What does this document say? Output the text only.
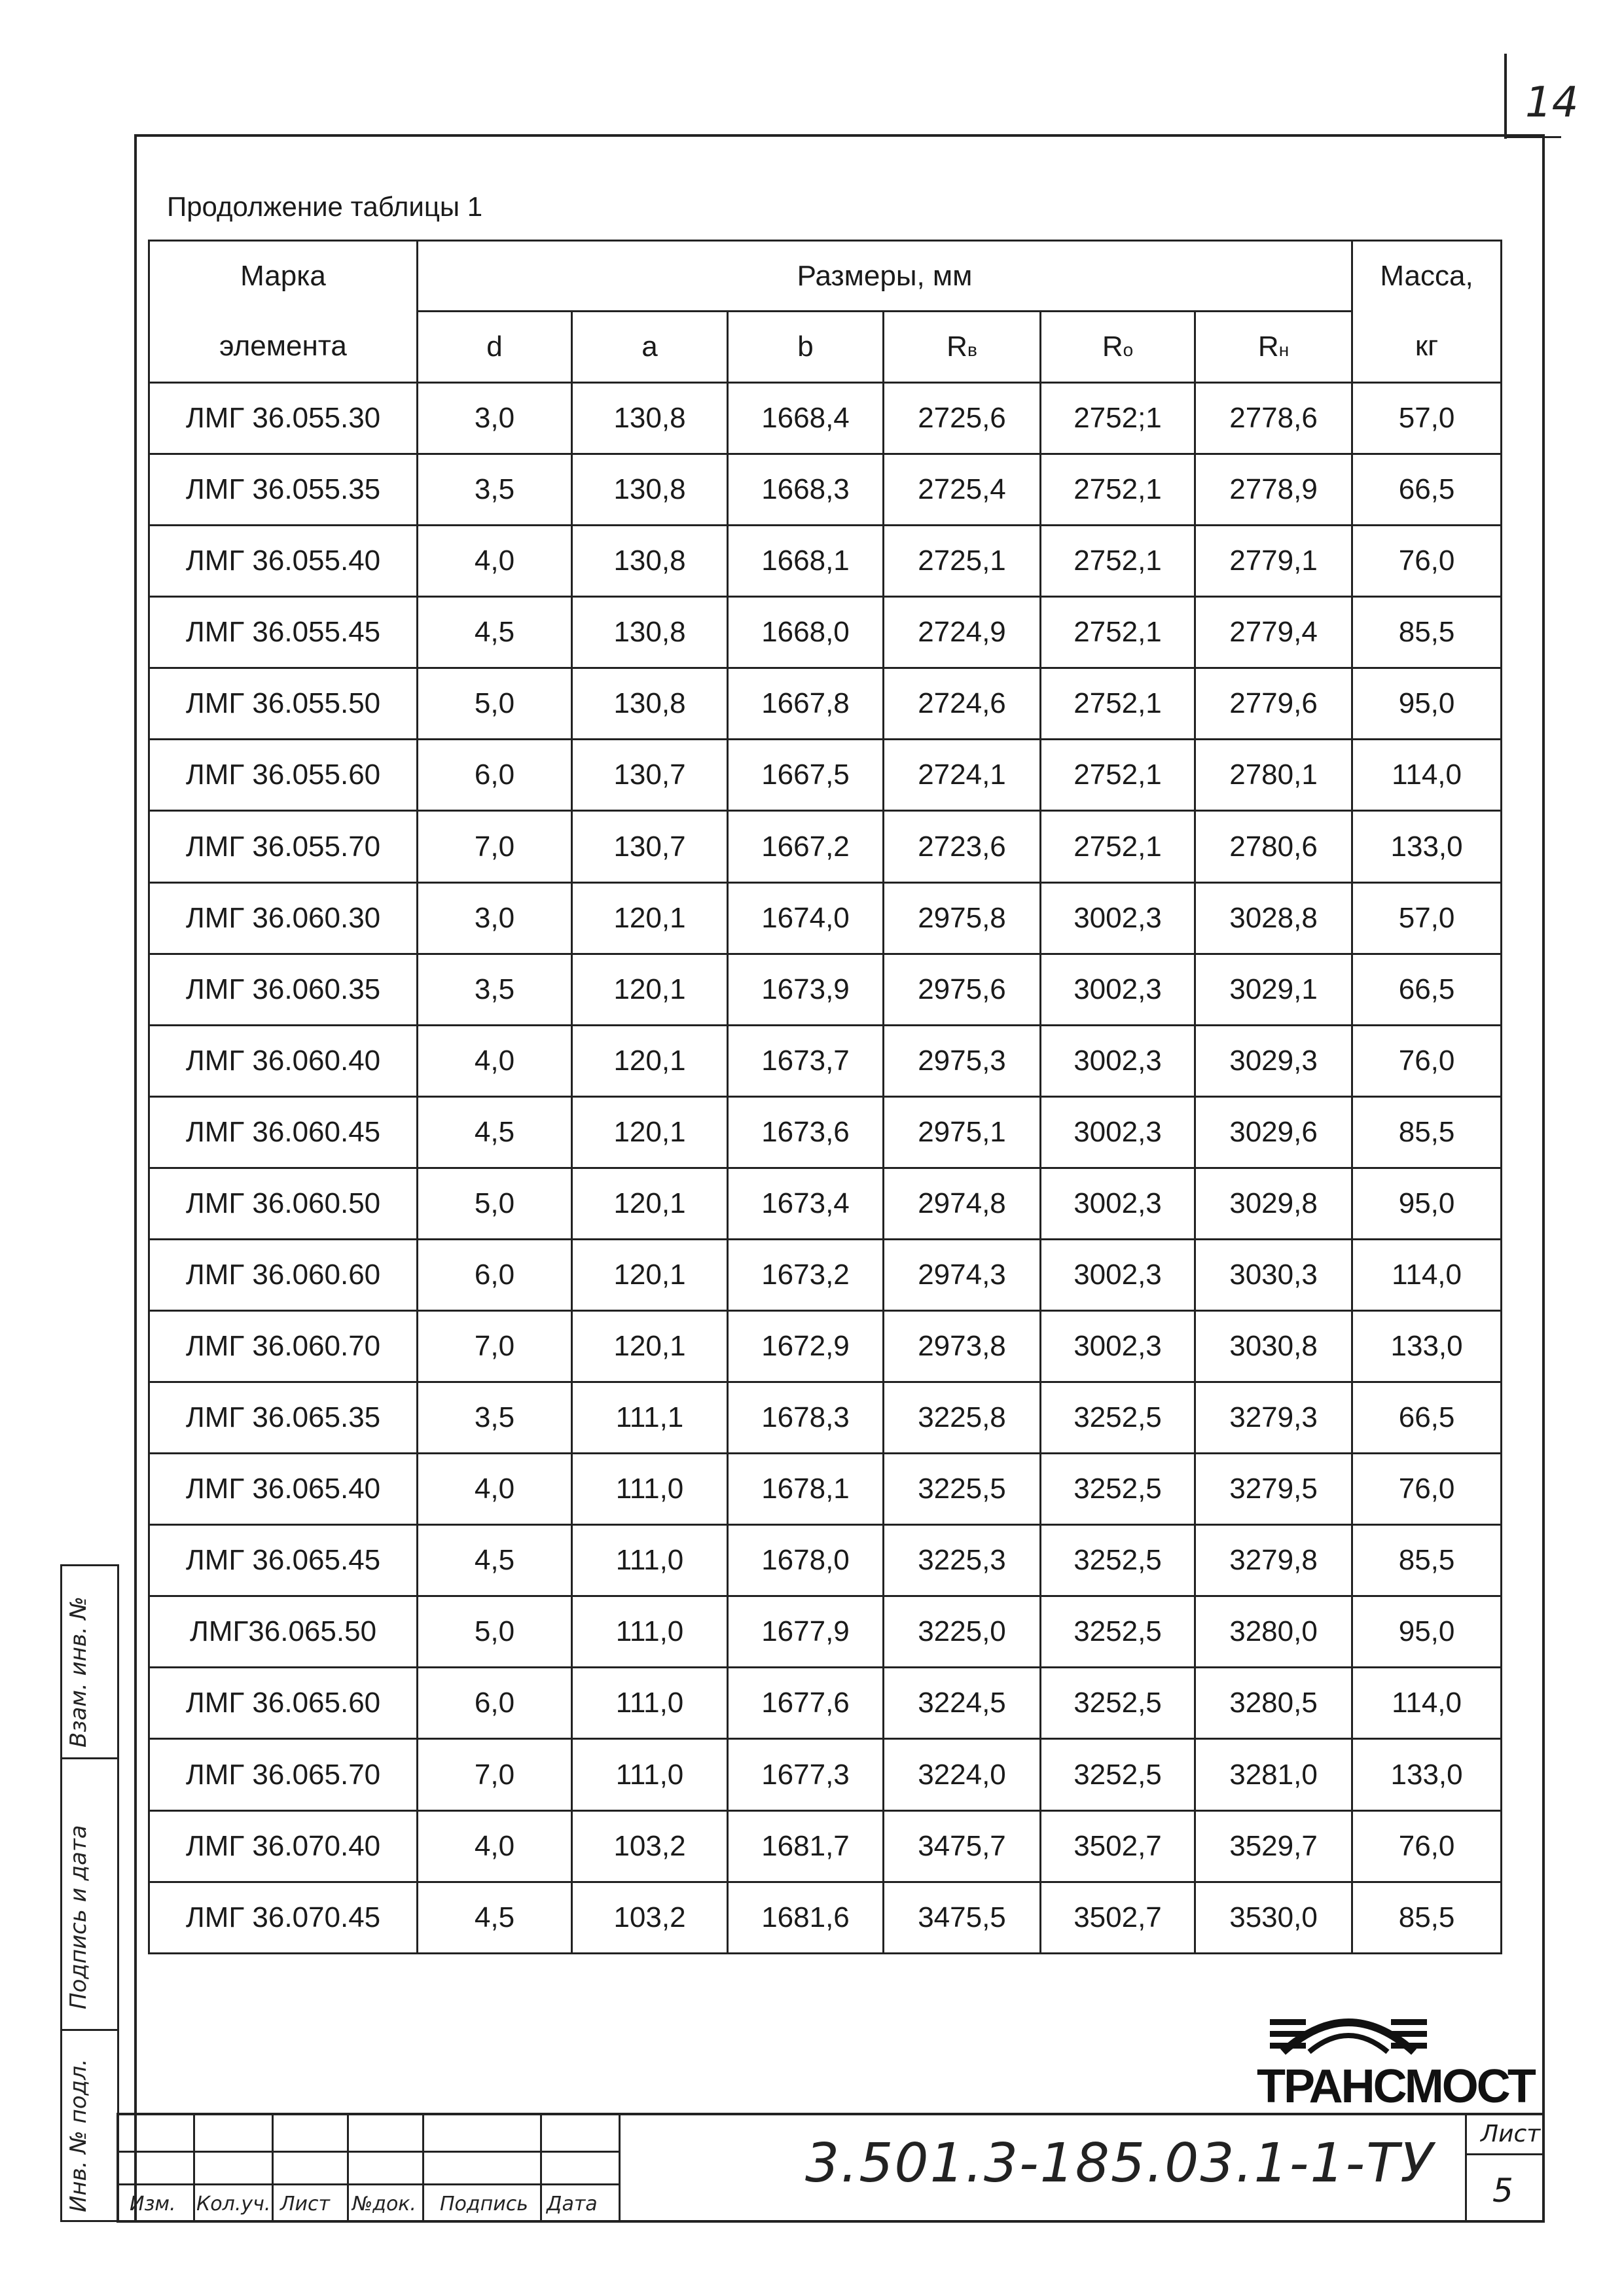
14
Продолжение таблицы 1
Марка	Размеры, мм						Масса,
элемента	d	a	b	Rв	Rо	Rн	кг
ЛМГ 36.055.30	3,0	130,8	1668,4	2725,6	2752;1	2778,6	57,0
ЛМГ 36.055.35	3,5	130,8	1668,3	2725,4	2752,1	2778,9	66,5
ЛМГ 36.055.40	4,0	130,8	1668,1	2725,1	2752,1	2779,1	76,0
ЛМГ 36.055.45	4,5	130,8	1668,0	2724,9	2752,1	2779,4	85,5
ЛМГ 36.055.50	5,0	130,8	1667,8	2724,6	2752,1	2779,6	95,0
ЛМГ 36.055.60	6,0	130,7	1667,5	2724,1	2752,1	2780,1	114,0
ЛМГ 36.055.70	7,0	130,7	1667,2	2723,6	2752,1	2780,6	133,0
ЛМГ 36.060.30	3,0	120,1	1674,0	2975,8	3002,3	3028,8	57,0
ЛМГ 36.060.35	3,5	120,1	1673,9	2975,6	3002,3	3029,1	66,5
ЛМГ 36.060.40	4,0	120,1	1673,7	2975,3	3002,3	3029,3	76,0
ЛМГ 36.060.45	4,5	120,1	1673,6	2975,1	3002,3	3029,6	85,5
ЛМГ 36.060.50	5,0	120,1	1673,4	2974,8	3002,3	3029,8	95,0
ЛМГ 36.060.60	6,0	120,1	1673,2	2974,3	3002,3	3030,3	114,0
ЛМГ 36.060.70	7,0	120,1	1672,9	2973,8	3002,3	3030,8	133,0
ЛМГ 36.065.35	3,5	111,1	1678,3	3225,8	3252,5	3279,3	66,5
ЛМГ 36.065.40	4,0	111,0	1678,1	3225,5	3252,5	3279,5	76,0
ЛМГ 36.065.45	4,5	111,0	1678,0	3225,3	3252,5	3279,8	85,5
ЛМГ36.065.50	5,0	111,0	1677,9	3225,0	3252,5	3280,0	95,0
ЛМГ 36.065.60	6,0	111,0	1677,6	3224,5	3252,5	3280,5	114,0
ЛМГ 36.065.70	7,0	111,0	1677,3	3224,0	3252,5	3281,0	133,0
ЛМГ 36.070.40	4,0	103,2	1681,7	3475,7	3502,7	3529,7	76,0
ЛМГ 36.070.45	4,5	103,2	1681,6	3475,5	3502,7	3530,0	85,5
Инв. № подл.
Подпись и дата
Взам. инв. №
ТРАНСМОСТ
Изм. Кол.уч. Лист №док. Подпись Дата
3.501.3-185.03.1-1-ТУ Лист
5
